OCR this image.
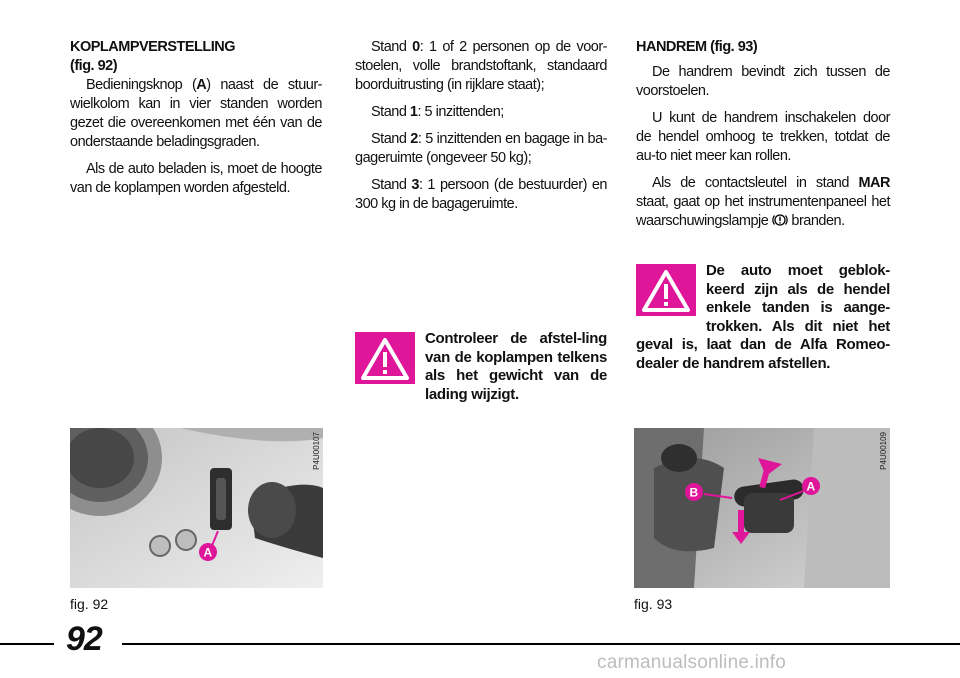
KOPLAMPVERSTELLING
(fig. 92)

Bedieningsknop (A) naast de stuur-wielkolom kan in vier standen worden gezet die overeenkomen met één van de onderstaande beladingsgraden.

Als de auto beladen is, moet de hoogte van de koplampen worden afgesteld.

Stand 0: 1 of 2 personen op de voor-stoelen, volle brandstoftank, standaard boorduitrusting (in rijklare staat);

Stand 1: 5 inzittenden;

Stand 2: 5 inzittenden en bagage in ba-gageruimte (ongeveer 50 kg);

Stand 3: 1 persoon (de bestuurder) en 300 kg in de bagageruimte.

Controleer de afstel-ling van de koplampen telkens als het gewicht van de lading wijzigt.
HANDREM (fig. 93)

De handrem bevindt zich tussen de voorstoelen.

U kunt de handrem inschakelen door de hendel omhoog te trekken, totdat de au-to niet meer kan rollen.

Als de contactsleutel in stand MAR staat, gaat op het instrumentenpaneel het waarschuwingslampje  branden.

De auto moet geblok-keerd zijn als de hendel enkele tanden is aange-trokken. Als dit niet het geval is, laat dan de Alfa Romeo-dealer de handrem afstellen.
A
P4U00107
fig. 92
B	A
P4U00109
fig. 93
92
carmanualsonline.info
